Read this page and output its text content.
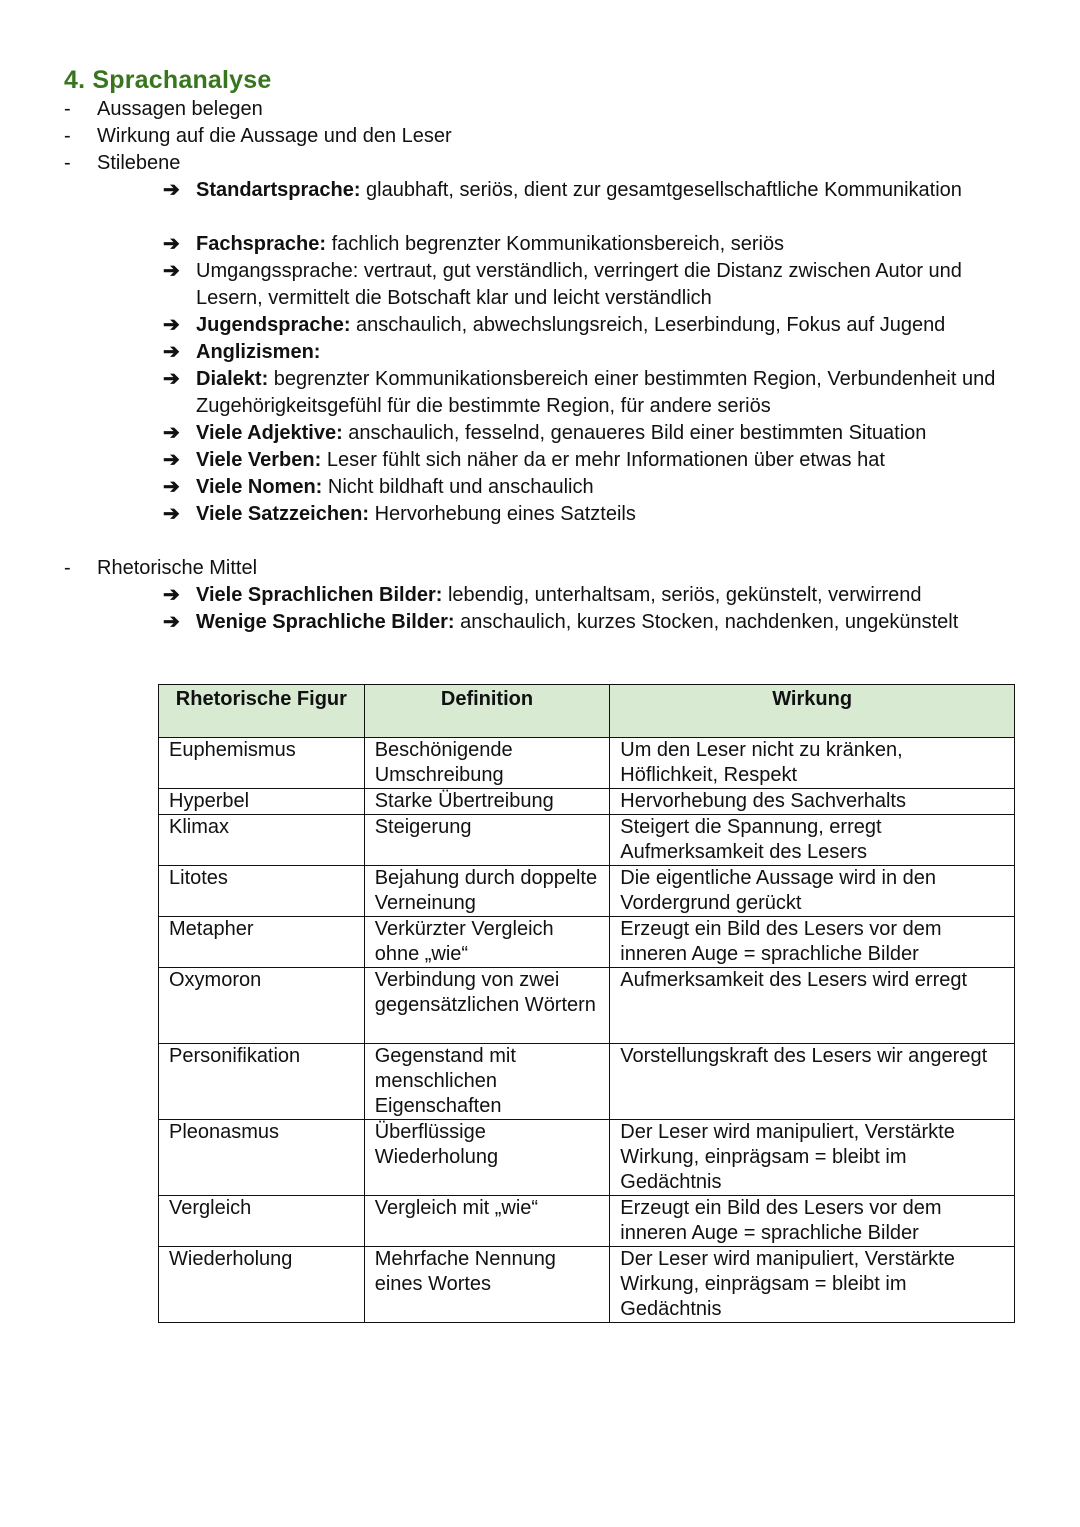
4. Sprachanalyse
- Aussagen belegen
- Wirkung auf die Aussage und den Leser
- Stilebene
➔ Standartsprache: glaubhaft, seriös, dient zur gesamtgesellschaftliche Kommunikation
➔ Fachsprache: fachlich begrenzter Kommunikationsbereich, seriös
➔ Umgangssprache: vertraut, gut verständlich, verringert die Distanz zwischen Autor und Lesern, vermittelt die Botschaft klar und leicht verständlich
➔ Jugendsprache: anschaulich, abwechslungsreich, Leserbindung, Fokus auf Jugend
➔ Anglizismen:
➔ Dialekt: begrenzter Kommunikationsbereich einer bestimmten Region, Verbundenheit und Zugehörigkeitsgefühl für die bestimmte Region, für andere seriös
➔ Viele Adjektive: anschaulich, fesselnd, genaueres Bild einer bestimmten Situation
➔ Viele Verben: Leser fühlt sich näher da er mehr Informationen über etwas hat
➔ Viele Nomen: Nicht bildhaft und anschaulich
➔ Viele Satzzeichen: Hervorhebung eines Satzteils
- Rhetorische Mittel
➔ Viele Sprachlichen Bilder: lebendig, unterhaltsam, seriös, gekünstelt, verwirrend
➔ Wenige Sprachliche Bilder: anschaulich, kurzes Stocken, nachdenken, ungekünstelt
Rhetorische Figur	Definition	Wirkung
Euphemismus	Beschönigende Umschreibung	Um den Leser nicht zu kränken, Höflichkeit, Respekt
Hyperbel	Starke Übertreibung	Hervorhebung des Sachverhalts
Klimax	Steigerung	Steigert die Spannung, erregt Aufmerksamkeit des Lesers
Litotes	Bejahung durch doppelte Verneinung	Die eigentliche Aussage wird in den Vordergrund gerückt
Metapher	Verkürzter Vergleich ohne „wie“	Erzeugt ein Bild des Lesers vor dem inneren Auge = sprachliche Bilder
Oxymoron	Verbindung von zwei gegensätzlichen Wörtern	Aufmerksamkeit des Lesers wird erregt
Personifikation	Gegenstand mit menschlichen Eigenschaften	Vorstellungskraft des Lesers wir angeregt
Pleonasmus	Überflüssige Wiederholung	Der Leser wird manipuliert, Verstärkte Wirkung, einprägsam = bleibt im Gedächtnis
Vergleich	Vergleich mit „wie“	Erzeugt ein Bild des Lesers vor dem inneren Auge = sprachliche Bilder
Wiederholung	Mehrfache Nennung eines Wortes	Der Leser wird manipuliert, Verstärkte Wirkung, einprägsam = bleibt im Gedächtnis
